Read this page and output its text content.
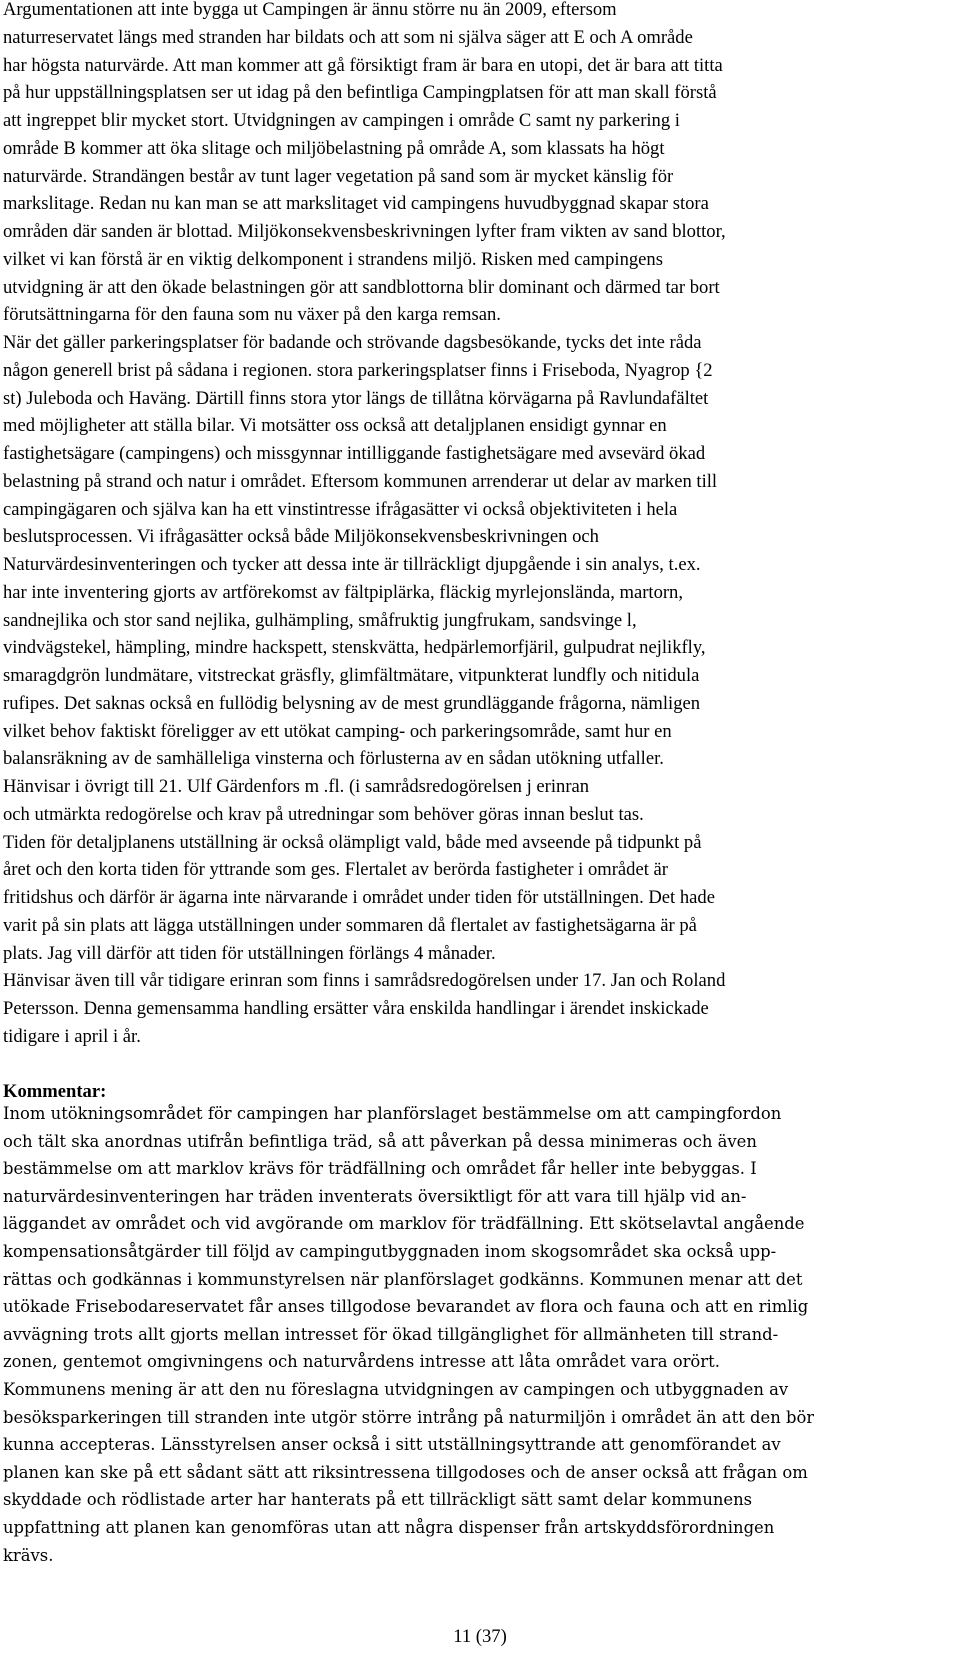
Argumentationen att inte bygga ut Campingen är ännu större nu än 2009, eftersom
naturreservatet längs med stranden har bildats och att som ni själva säger att E och A område
har högsta naturvärde. Att man kommer att gå försiktigt fram är bara en utopi, det är bara att titta
på hur uppställningsplatsen ser ut idag på den befintliga Campingplatsen för att man skall förstå
att ingreppet blir mycket stort. Utvidgningen av campingen i område C samt ny parkering i
område B kommer att öka slitage och miljöbelastning på område A, som klassats ha högt
naturvärde. Strandängen består av tunt lager vegetation på sand som är mycket känslig för
markslitage. Redan nu kan man se att markslitaget vid campingens huvudbyggnad skapar stora
områden där sanden är blottad. Miljökonsekvensbeskrivningen lyfter fram vikten av sand blottor,
vilket vi kan förstå är en viktig delkomponent i strandens miljö. Risken med campingens
utvidgning är att den ökade belastningen gör att sandblottorna blir dominant och därmed tar bort
förutsättningarna för den fauna som nu växer på den karga remsan.
När det gäller parkeringsplatser för badande och strövande dagsbesökande, tycks det inte råda
någon generell brist på sådana i regionen. stora parkeringsplatser finns i Friseboda, Nyagrop {2
st) Juleboda och Haväng. Därtill finns stora ytor längs de tillåtna körvägarna på Ravlundafältet
med möjligheter att ställa bilar. Vi motsätter oss också att detaljplanen ensidigt gynnar en
fastighetsägare (campingens) och missgynnar intilliggande fastighetsägare med avsevärd ökad
belastning på strand och natur i området. Eftersom kommunen arrenderar ut delar av marken till
campingägaren och själva kan ha ett vinstintresse ifrågasätter vi också objektiviteten i hela
beslutsprocessen. Vi ifrågasätter också både Miljökonsekvensbeskrivningen och
Naturvärdesinventeringen och tycker att dessa inte är tillräckligt djupgående i sin analys, t.ex.
har inte inventering gjorts av artförekomst av fältpiplärka, fläckig myrlejonslända, martorn,
sandnejlika och stor sand nejlika, gulhämpling, småfruktig jungfrukam, sandsvinge l,
vindvägstekel, hämpling, mindre hackspett, stenskvätta, hedpärlemorfjäril, gulpudrat nejlikfly,
smaragdgrön lundmätare, vitstreckat gräsfly, glimfältmätare, vitpunkterat lundfly och nitidula
rufipes. Det saknas också en fullödig belysning av de mest grundläggande frågorna, nämligen
vilket behov faktiskt föreligger av ett utökat camping- och parkeringsområde, samt hur en
balansräkning av de samhälleliga vinsterna och förlusterna av en sådan utökning utfaller.
Hänvisar i övrigt till 21. Ulf Gärdenfors m .fl. (i samrådsredogörelsen j erinran
och utmärkta redogörelse och krav på utredningar som behöver göras innan beslut tas.
Tiden för detaljplanens utställning är också olämpligt vald, både med avseende på tidpunkt på
året och den korta tiden för yttrande som ges. Flertalet av berörda fastigheter i området är
fritidshus och därför är ägarna inte närvarande i området under tiden för utställningen. Det hade
varit på sin plats att lägga utställningen under sommaren då flertalet av fastighetsägarna är på
plats. Jag vill därför att tiden för utställningen förlängs 4 månader.
Hänvisar även till vår tidigare erinran som finns i samrådsredogörelsen under 17. Jan och Roland
Petersson. Denna gemensamma handling ersätter våra enskilda handlingar i ärendet inskickade
tidigare i april i år.
Kommentar:
Inom utökningsområdet för campingen har planförslaget bestämmelse om att campingfordon
och tält ska anordnas utifrån befintliga träd, så att påverkan på dessa minimeras och även
bestämmelse om att marklov krävs för trädfällning och området får heller inte bebyggas. I
naturvärdesinventeringen har träden inventerats översiktligt för att vara till hjälp vid an-
läggandet av området och vid avgörande om marklov för trädfällning. Ett skötselavtal angående
kompensationsåtgärder till följd av campingutbyggnaden inom skogsområdet ska också upp-
rättas och godkännas i kommunstyrelsen när planförslaget godkänns. Kommunen menar att det
utökade Frisebodareservatet får anses tillgodose bevarandet av flora och fauna och att en rimlig
avvägning trots allt gjorts mellan intresset för ökad tillgänglighet för allmänheten till strand-
zonen, gentemot omgivningens och naturvårdens intresse att låta området vara orört.
Kommunens mening är att den nu föreslagna utvidgningen av campingen och utbyggnaden av
besöksparkeringen till stranden inte utgör större intrång på naturmiljön i området än att den bör
kunna accepteras. Länsstyrelsen anser också i sitt utställningsyttrande att genomförandet av
planen kan ske på ett sådant sätt att riksintressena tillgodoses och de anser också att frågan om
skyddade och rödlistade arter har hanterats på ett tillräckligt sätt samt delar kommunens
uppfattning att planen kan genomföras utan att några dispenser från artskyddsförordningen
krävs.
11 (37)
